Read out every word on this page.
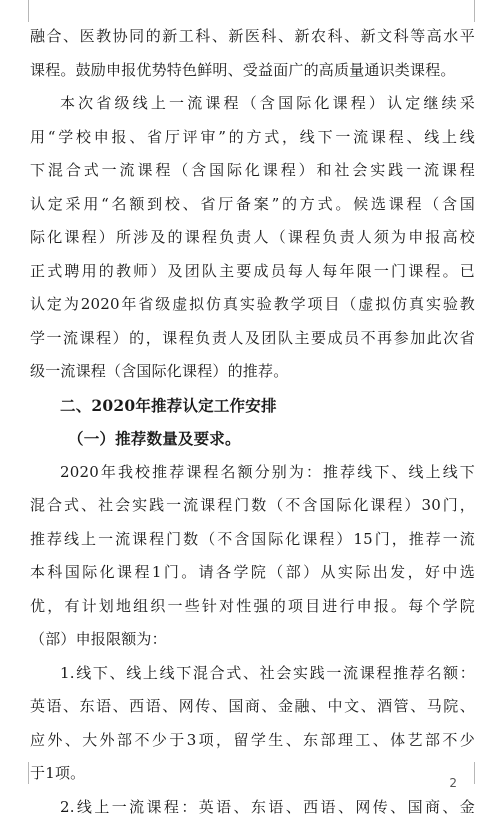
融合、医教协同的新工科、新医科、新农科、新文科等高水平
课程。鼓励申报优势特色鲜明、受益面广的高质量通识类课程。
本次省级线上一流课程（含国际化课程）认定继续采
用“学校申报、省厅评审”的方式，线下一流课程、线上线
下混合式一流课程（含国际化课程）和社会实践一流课程
认定采用“名额到校、省厅备案”的方式。候选课程（含国
际化课程）所涉及的课程负责人（课程负责人须为申报高校
正式聘用的教师）及团队主要成员每人每年限一门课程。已
认定为2020年省级虚拟仿真实验教学项目（虚拟仿真实验教
学一流课程）的，课程负责人及团队主要成员不再参加此次省
级一流课程（含国际化课程）的推荐。
二、2020年推荐认定工作安排
（一）推荐数量及要求。
2020年我校推荐课程名额分别为：推荐线下、线上线下
混合式、社会实践一流课程门数（不含国际化课程）30门，
推荐线上一流课程门数（不含国际化课程）15门，推荐一流
本科国际化课程1门。请各学院（部）从实际出发，好中选
优，有计划地组织一些针对性强的项目进行申报。每个学院
（部）申报限额为：
1.线下、线上线下混合式、社会实践一流课程推荐名额：
英语、东语、西语、网传、国商、金融、中文、酒管、马院、
应外、大外部不少于3项，留学生、东部理工、体艺部不少
于1项。
2.线上一流课程：英语、东语、西语、网传、国商、金
2
